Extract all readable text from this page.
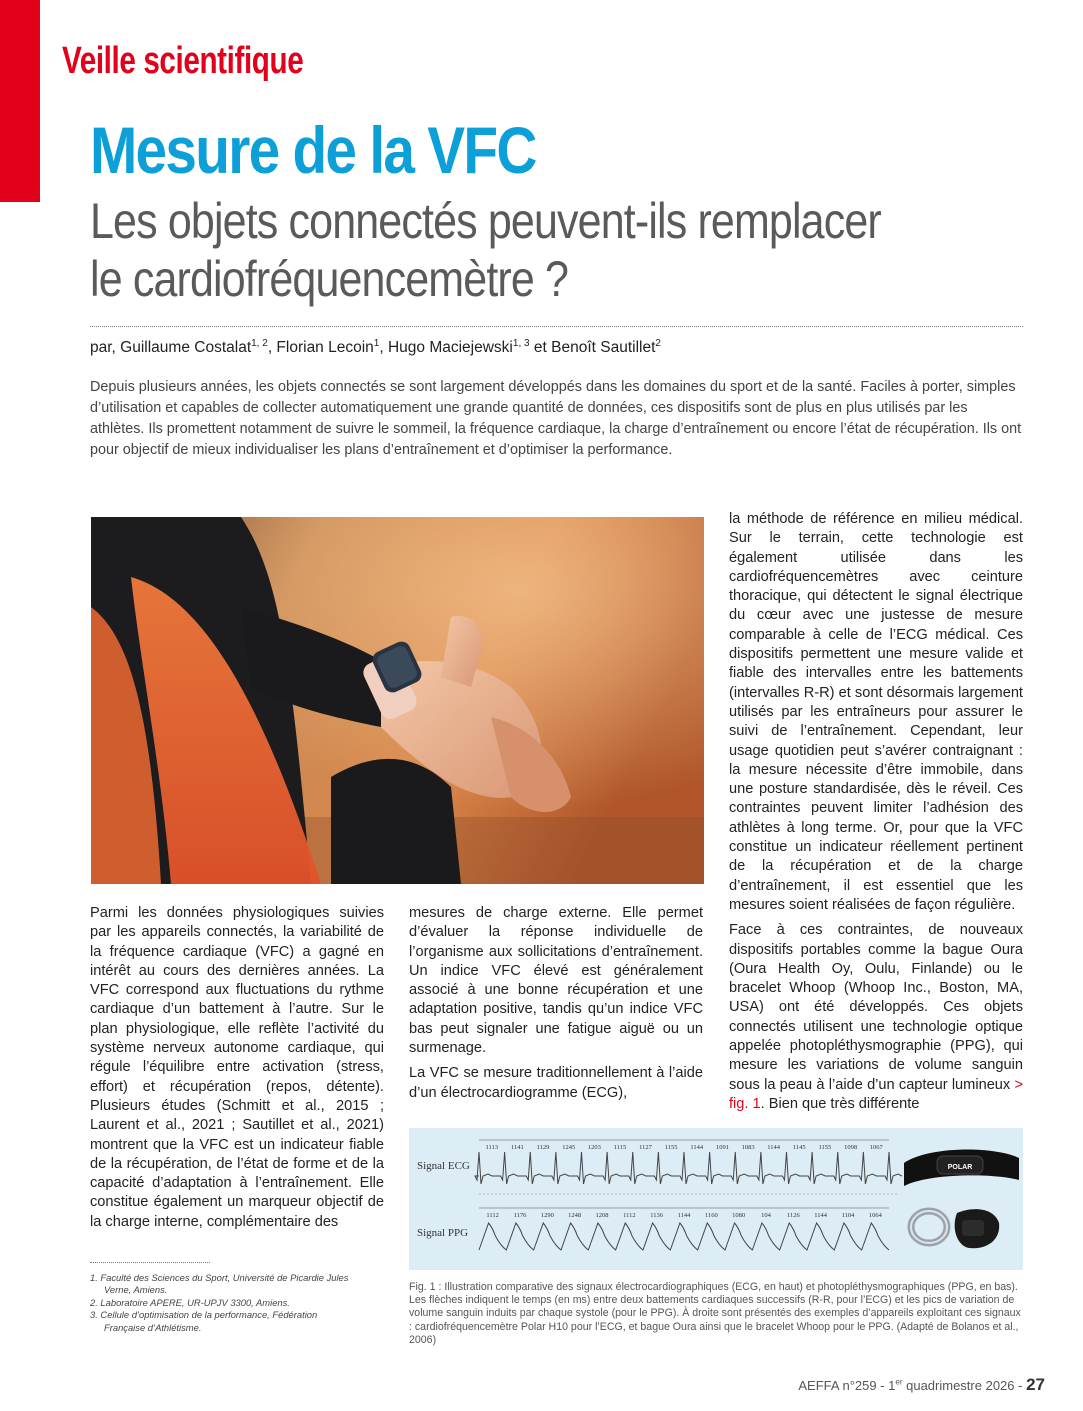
Veille scientifique
Mesure de la VFC
Les objets connectés peuvent-ils remplacer
le cardiofréquencemètre ?
par, Guillaume Costalat$^{1, 2}$, Florian Lecoin$^1$, Hugo Maciejewski$^{1, 3}$ et Benoît Sautillet$^2$
Depuis plusieurs années, les objets connectés se sont largement développés dans les domaines du sport et de la santé. Faciles à porter, simples d’utilisation et capables de collecter automatiquement une grande quantité de données, ces dispositifs sont de plus en plus utilisés par les athlètes. Ils promettent notamment de suivre le sommeil, la fréquence cardiaque, la charge d’entraînement ou encore l’état de récupération. Ils ont pour objectif de mieux individualiser les plans d’entraînement et d’optimiser la performance.

Parmi les données physiologiques suivies par les appareils connectés, la variabilité de la fréquence cardiaque (VFC) a gagné en intérêt au cours des dernières années. La VFC correspond aux fluctuations du rythme cardiaque d’un battement à l’autre. Sur le plan physiologique, elle reflète l’activité du système nerveux autonome cardiaque, qui régule l’équilibre entre activation (stress, effort) et récupération (repos, détente). Plusieurs études (Schmitt et al., 2015 ; Laurent et al., 2021 ; Sautillet et al., 2021) montrent que la VFC est un indicateur fiable de la récupération, de l’état de forme et de la capacité d’adaptation à l’entraînement. Elle constitue également un marqueur objectif de la charge interne, complémentaire des

mesures de charge externe. Elle permet d’évaluer la réponse individuelle de l’organisme aux sollicitations d’entraînement. Un indice VFC élevé est généralement associé à une bonne récupération et une adaptation positive, tandis qu’un indice VFC bas peut signaler une fatigue aiguë ou un surmenage.

La VFC se mesure traditionnellement à l’aide d’un électrocardiogramme (ECG),

la méthode de référence en milieu médical. Sur le terrain, cette technologie est également utilisée dans les cardiofréquencemètres avec ceinture thoracique, qui détectent le signal électrique du cœur avec une justesse de mesure comparable à celle de l’ECG médical. Ces dispositifs permettent une mesure valide et fiable des intervalles entre les battements (intervalles R-R) et sont désormais largement utilisés par les entraîneurs pour assurer le suivi de l’entraînement. Cependant, leur usage quotidien peut s’avérer contraignant : la mesure nécessite d’être immobile, dans une posture standardisée, dès le réveil. Ces contraintes peuvent limiter l’adhésion des athlètes à long terme. Or, pour que la VFC constitue un indicateur réellement pertinent de la récupération et de la charge d’entraînement, il est essentiel que les mesures soient réalisées de façon régulière.

Face à ces contraintes, de nouveaux dispositifs portables comme la bague Oura (Oura Health Oy, Oulu, Finlande) ou le bracelet Whoop (Whoop Inc., Boston, MA, USA) ont été développés. Ces objets connectés utilisent une technologie optique appelée photopléthysmographie (PPG), qui mesure les variations de volume sanguin sous la peau à l’aide d’un capteur lumineux > fig. 1. Bien que très différente

Signal ECG
Signal PPG
1113 1141 1129 1245 1203 1115 1127 1155 1144 1091 1083 1144 1145 1155 1098 1067
1112 1176 1290 1248 1208 1112 1136 1144 1160 1080 104 1126 1144 1104 1064
POLAR
Fig. 1 : Illustration comparative des signaux électrocardiographiques (ECG, en haut) et photopléthysmographiques (PPG, en bas). Les flèches indiquent le temps (en ms) entre deux battements cardiaques successifs (R-R, pour l’ECG) et les pics de variation de volume sanguin induits par chaque systole (pour le PPG). À droite sont présentés des exemples d’appareils exploitant ces signaux : cardiofréquencemètre Polar H10 pour l’ECG, et bague Oura ainsi que le bracelet Whoop pour le PPG. (Adapté de Bolanos et al., 2006)
1. Faculté des Sciences du Sport, Université de Picardie Jules Verne, Amiens.
2. Laboratoire APERE, UR-UPJV 3300, Amiens.
3. Cellule d’optimisation de la performance, Fédération Française d’Athlétisme.
AEFFA n°259 - 1er quadrimestre 2026 - 27
